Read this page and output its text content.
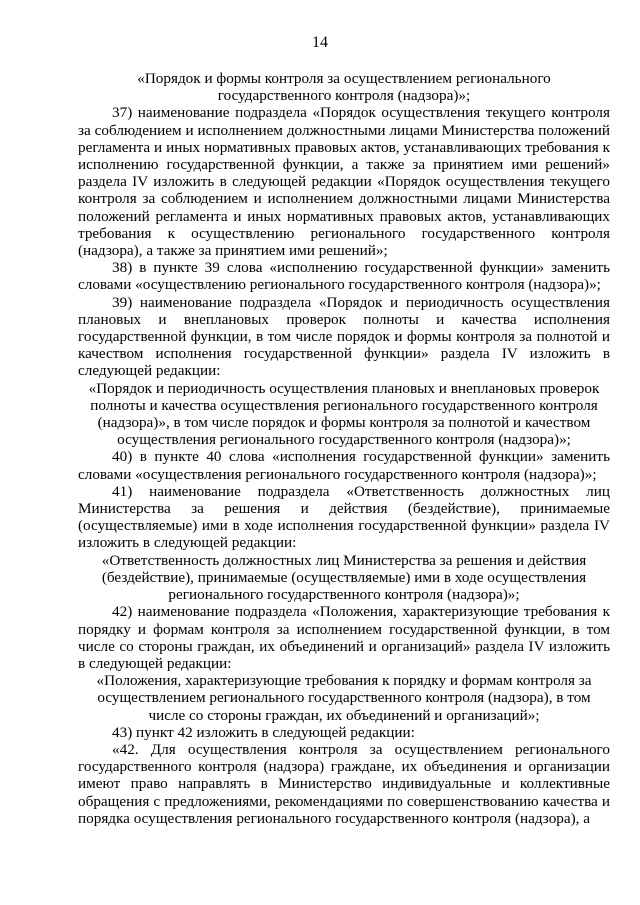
14

«Порядок и формы контроля за осуществлением регионального государственного контроля (надзора)»;

37) наименование подраздела «Порядок осуществления текущего контроля за соблюдением и исполнением должностными лицами Министерства положений регламента и иных нормативных правовых актов, устанавливающих требования к исполнению государственной функции, а также за принятием ими решений» раздела IV изложить в следующей редакции «Порядок осуществления текущего контроля за соблюдением и исполнением должностными лицами Министерства положений регламента и иных нормативных правовых актов, устанавливающих требования к осуществлению регионального государственного контроля (надзора), а также за принятием ими решений»;

38) в пункте 39 слова «исполнению государственной функции» заменить словами «осуществлению регионального государственного контроля (надзора)»;

39) наименование подраздела «Порядок и периодичность осуществления плановых и внеплановых проверок полноты и качества исполнения государственной функции, в том числе порядок и формы контроля за полнотой и качеством исполнения государственной функции» раздела IV изложить в следующей редакции:

«Порядок и периодичность осуществления плановых и внеплановых проверок полноты и качества осуществления регионального государственного контроля (надзора)», в том числе порядок и формы контроля за полнотой и качеством осуществления регионального государственного контроля (надзора)»;

40) в пункте 40 слова «исполнения государственной функции» заменить словами «осуществления регионального государственного контроля (надзора)»;

41) наименование подраздела «Ответственность должностных лиц Министерства за решения и действия (бездействие), принимаемые (осуществляемые) ими в ходе исполнения государственной функции» раздела IV изложить в следующей редакции:

«Ответственность должностных лиц Министерства за решения и действия (бездействие), принимаемые (осуществляемые) ими в ходе осуществления регионального государственного контроля (надзора)»;

42) наименование подраздела «Положения, характеризующие требования к порядку и формам контроля за исполнением государственной функции, в том числе со стороны граждан, их объединений и организаций» раздела IV изложить в следующей редакции:

«Положения, характеризующие требования к порядку и формам контроля за осуществлением регионального государственного контроля (надзора), в том числе со стороны граждан, их объединений и организаций»;

43) пункт 42 изложить в следующей редакции:

«42. Для осуществления контроля за осуществлением регионального государственного контроля (надзора) граждане, их объединения и организации имеют право направлять в Министерство индивидуальные и коллективные обращения с предложениями, рекомендациями по совершенствованию качества и порядка осуществления регионального государственного контроля (надзора), а
